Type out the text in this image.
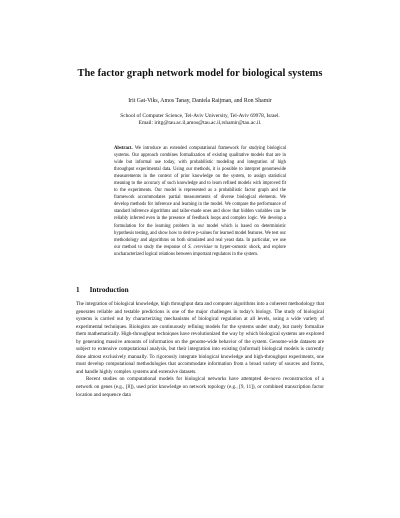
The factor graph network model for biological systems
Irit Gat-Viks, Amos Tanay, Daniela Raijman, and Ron Shamir
School of Computer Science, Tel-Aviv University, Tel-Aviv 69978, Israel.
Email: iritg@tau.ac.il,amos@tau.ac.il,rshamir@tau.ac.il.
Abstract. We introduce an extended computational framework for studying biological systems. Our approach combines formalization of existing qualitative models that are in wide but informal use today, with probabilistic modeling and integration of high throughput experimental data. Using our methods, it is possible to interpret genomewide measurements in the context of prior knowledge on the system, to assign statistical meaning to the accuracy of such knowledge and to learn refined models with improved fit to the experiments. Our model is represented as a probabilistic factor graph and the framework accommodates partial measurements of diverse biological elements. We develop methods for inference and learning in the model. We compare the performance of standard inference algorithms and tailor-made ones and show that hidden variables can be reliably inferred even in the presence of feedback loops and complex logic. We develop a formulation for the learning problem in our model which is based on deterministic hypothesis testing, and show how to derive p-values for learned model features. We test our methodology and algorithms on both simulated and real yeast data. In particular, we use our method to study the response of S. cerevisiae to hyper-osmotic shock, and explore uncharacterized logical relations between important regulators in the system.
1 Introduction

The integration of biological knowledge, high throughput data and computer algorithms into a coherent methodology that generates reliable and testable predictions is one of the major challenges in today's biology. The study of biological systems is carried out by characterizing mechanisms of biological regulation at all levels, using a wide variety of experimental techniques. Biologists are continuously refining models for the systems under study, but rarely formalize them mathematically. High-throughput techniques have revolutionized the way by which biological systems are explored by generating massive amounts of information on the genome-wide behavior of the system. Genome-wide datasets are subject to extensive computational analysis, but their integration into existing (informal) biological models is currently done almost exclusively manually. To rigorously integrate biological knowledge and high-throughput experiments, one must develop computational methodologies that accommodate information from a broad variety of sources and forms, and handle highly complex systems and extensive datasets.

Recent studies on computational models for biological networks have attempted de-novo reconstruction of a network on genes (e.g., [8]), used prior knowledge on network topology (e.g., [9, 11]), or combined transcription factor location and sequence data
